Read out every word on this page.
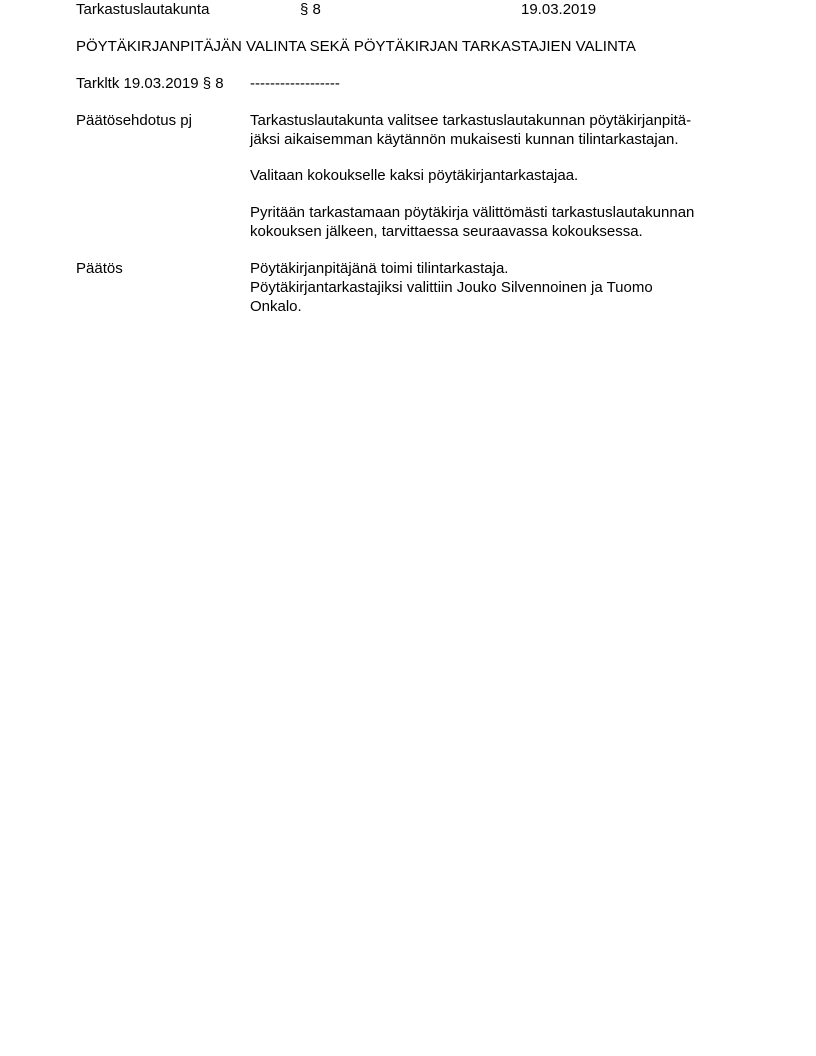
Tarkastuslautakunta	§ 8	19.03.2019
PÖYTÄKIRJANPITÄJÄN VALINTA SEKÄ PÖYTÄKIRJAN TARKASTAJIEN VALINTA
Tarkltk 19.03.2019 § 8 ------------------
Päätösehdotus pj	Tarkastuslautakunta valitsee tarkastuslautakunnan pöytäkirjanpitä-

jäksi aikaisemman käytännön mukaisesti kunnan tilintarkastajan.

Valitaan kokoukselle kaksi pöytäkirjantarkastajaa.

Pyritään tarkastamaan pöytäkirja välittömästi tarkastuslautakunnan

kokouksen jälkeen, tarvittaessa seuraavassa kokouksessa.

Päätös	Pöytäkirjanpitäjänä toimi tilintarkastaja.

Pöytäkirjantarkastajiksi valittiin Jouko Silvennoinen ja Tuomo

Onkalo.
